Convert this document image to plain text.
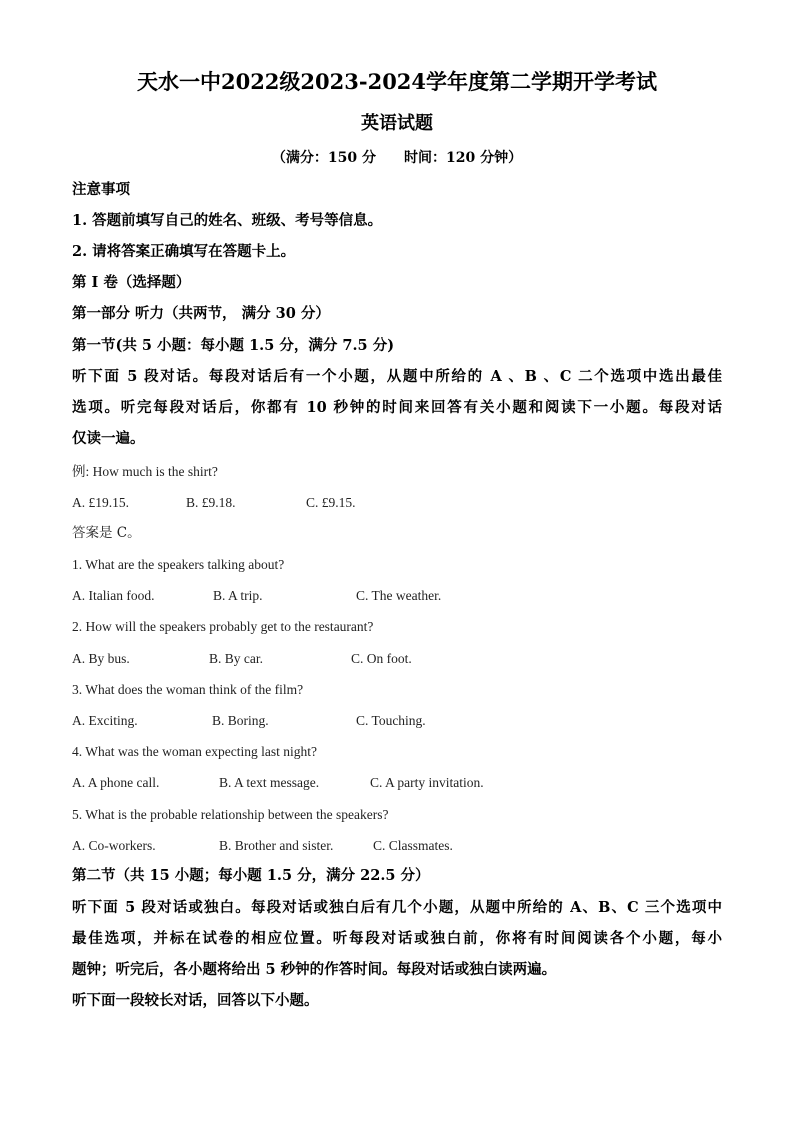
天水一中2022级2023-2024学年度第二学期开学考试
英语试题
（满分：150 分　　时间：120 分钟）
注意事项
1. 答题前填写自己的姓名、班级、考号等信息。
2. 请将答案正确填写在答题卡上。
第 I 卷（选择题）
第一部分 听力（共两节， 满分 30 分）
第一节(共 5 小题：每小题 1.5 分，满分 7.5 分)
听下面 5 段对话。每段对话后有一个小题，从题中所给的 A 、B 、C 二个选项中选出最佳
选项。听完每段对话后，你都有 10 秒钟的时间来回答有关小题和阅读下一小题。每段对话
仅读一遍。
例: How much is the shirt?
A. £19.15.	B. £9.18.	C. £9.15.
答案是 C。
1. What are the speakers talking about?
A. Italian food.	B. A trip.	C. The weather.
2. How will the speakers probably get to the restaurant?
A. By bus.	B. By car.	C. On foot.
3. What does the woman think of the film?
A. Exciting.	B. Boring.	C. Touching.
4. What was the woman expecting last night?
A. A phone call.	B. A text message.	C. A party invitation.
5. What is the probable relationship between the speakers?
A. Co-workers.	B. Brother and sister.	C. Classmates.
第二节（共 15 小题；每小题 1.5 分，满分 22.5 分）
听下面 5 段对话或独白。每段对话或独白后有几个小题，从题中所给的 A、B、C 三个选项中
最佳选项，并标在试卷的相应位置。听每段对话或独白前，你将有时间阅读各个小题，每小
题钟；听完后，各小题将给出 5 秒钟的作答时间。每段对话或独白读两遍。
听下面一段较长对话，回答以下小题。
